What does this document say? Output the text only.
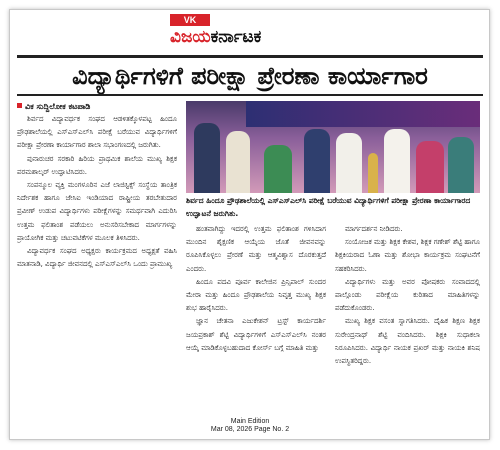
VK
ವಿಜಯಕರ್ನಾಟಕ
ವಿದ್ಯಾರ್ಥಿಗಳಿಗೆ ಪರೀಕ್ಷಾ ಪ್ರೇರಣಾ ಕಾರ್ಯಾಗಾರ
ವಿಕ ಸುದ್ದಿಲೋಕ ಕಟಪಾಡಿ

ಶಿರ್ವದ ವಿದ್ಯಾವರ್ಧಕ ಸಂಘದ ಆಡಳಿತಕ್ಕೊಳಪಟ್ಟ ಹಿಂದೂ ಪ್ರೌಢಶಾಲೆಯಲ್ಲಿ ಎಸ್‌ಎಸ್‌ಎಲ್‌ಸಿ ಪರೀಕ್ಷೆ ಬರೆಯುವ ವಿದ್ಯಾರ್ಥಿಗಳಿಗೆ ಪರೀಕ್ಷಾ ಪ್ರೇರಣಾ ಕಾರ್ಯಾಗಾರ ಶಾಲಾ ಸಭಾಂಗಣದಲ್ಲಿ ಜರುಗಿತು.

ಪುನಾರುಚರ ಸರಕಾರಿ ಹಿರಿಯ ಪ್ರಾಥಮಿಕ ಶಾಲೆಯ ಮುಖ್ಯ ಶಿಕ್ಷಕ ಪರಮಶಾಲ್ಕರ್ ಉದ್ಘಾಟಿಸಿದರು.

ಸಂಪನ್ಮೂಲ ವ್ಯಕ್ತಿ ಮಂಗಳೂರಿನ ಎಜೆ ಲಾಜಿಸ್ಟಿಕ್ಸ್ ಸಂಸ್ಥೆಯ ತಾಂತ್ರಿಕ ನಿರ್ದೇಶಕ ಹಾಗೂ ಜೇಸಿಐ ಇಂಡಿಯಾದ ರಾಷ್ಟ್ರೀಯ ತರಬೇತುದಾರ ಪ್ರವೀಣ್ ಉಡುಪ ವಿದ್ಯಾರ್ಥಿಗಳು ಪರೀಕ್ಷೆಗಳನ್ನು ಸಮರ್ಥವಾಗಿ ಎದುರಿಸಿ ಉತ್ತಮ ಫಲಿತಾಂಶ ಪಡೆಯಲು ಅನುಸರಿಸಬೇಕಾದ ಮಾರ್ಗಗಳನ್ನು ಪ್ರಾಯೋಗಿಕ ಮತ್ತು ಚಟುವಟಿಕೆಗಳ ಮೂಲಕ ತಿಳಿಸಿದರು.

ವಿದ್ಯಾವರ್ಧಕ ಸಂಘದ ಅಧ್ಯಕ್ಷರು ಕಾರ್ಯಕ್ರಮದ ಅಧ್ಯಕ್ಷತೆ ವಹಿಸಿ ಮಾತನಾಡಿ, ವಿದ್ಯಾರ್ಥಿ ಜೀವನದಲ್ಲಿ ಎಸ್‌ಎಸ್‌ಎಲ್‌ಸಿ ಒಂದು ಪ್ರಾಮುಖ್ಯ

ಶಿರ್ವದ ಹಿಂದೂ ಪ್ರೌಢಶಾಲೆಯಲ್ಲಿ ಎಸ್‌ಎಸ್‌ಎಲ್‌ಸಿ ಪರೀಕ್ಷೆ ಬರೆಯುವ ವಿದ್ಯಾರ್ಥಿಗಳಿಗೆ ಪರೀಕ್ಷಾ ಪ್ರೇರಣಾ ಕಾರ್ಯಾಗಾರದ ಉದ್ಘಾಟನೆ ಜರುಗಿತು.

ಹಂತವಾಗಿದ್ದು ಇದರಲ್ಲಿ ಉತ್ತಮ ಫಲಿತಾಂಶ ಗಳಿಸಿದಾಗ ಮುಂದಿನ ಶೈಕ್ಷಣಿಕ ಆಯ್ಕೆಯ ಜೊತೆ ಜೀವನವನ್ನು ರೂಪಿಸಿಕೊಳ್ಳಲು ಪ್ರೇರಣೆ ಮತ್ತು ಆತ್ಮವಿಶ್ವಾಸ ದೊರಕುತ್ತದೆ ಎಂದರು.

ಹಿಂದೂ ಪದವಿ ಪೂರ್ವ ಕಾಲೇಜಿನ ಪ್ರಿನ್ಸಿಪಾಲ್ ಸುಂದರ ಮೇರಾ ಮತ್ತು ಹಿಂದೂ ಪ್ರೌಢಶಾಲೆಯ ನಿವೃತ್ತ ಮುಖ್ಯ ಶಿಕ್ಷಕ ಶುಭ ಹಾರೈಸಿದರು.

ಜ್ಞಾನ ಚೇತನಾ ಎಜುಕೇಶನ್ ಟ್ರಸ್ಟ್ ಕಾರ್ಯದರ್ಶಿ ಜಯಪ್ರಕಾಶ್ ಶೆಟ್ಟಿ ವಿದ್ಯಾರ್ಥಿಗಳಿಗೆ ಎಸ್‌ಎಸ್‌ಎಲ್‌ಸಿ ನಂತರ ಆಯ್ಕೆ ಮಾಡಿಕೊಳ್ಳಬಹುದಾದ ಕೋರ್ಸ್ ಬಗ್ಗೆ ಮಾಹಿತಿ ಮತ್ತು

ಮಾರ್ಗದರ್ಶನ ನೀಡಿದರು.

ಸಂಯೋಜಕ ಮತ್ತು ಶಿಕ್ಷಕ ಕೇಶವ, ಶಿಕ್ಷಕ ಗಣೇಶ್ ಶೆಟ್ಟಿ ಹಾಗೂ ಶಿಕ್ಷಕಿಯರಾದ ಓಣಾ ಮತ್ತು ಶೋಭಾ ಕಾರ್ಯಕ್ರಮ ಸಂಘಟನೆಗೆ ಸಹಕರಿಸಿದರು.

ವಿದ್ಯಾರ್ಥಿಗಳು ಮತ್ತು ಅವರ ಪೋಷಕರು ಸಂವಾದದಲ್ಲಿ ಪಾಲ್ಗೊಂಡು ಪರೀಕ್ಷೆಯ ಕುರಿತಾದ ಮಾಹಿತಿಗಳನ್ನು ಪಡೆದುಕೊಂಡರು.

ಮುಖ್ಯ ಶಿಕ್ಷಕ ವಸಂತ ಸ್ವಾಗತಿಸಿದರು. ದೈಹಿಕ ಶಿಕ್ಷಣ ಶಿಕ್ಷಕ ಸುರೇಂದ್ರನಾಥ್ ಶೆಟ್ಟಿ ವಂದಿಸಿದರು. ಶಿಕ್ಷಕಿ ಸುಧಾಕಲಾ ನಿರೂಪಿಸಿದರು. ವಿದ್ಯಾರ್ಥಿ ನಾಯಕ ಪ್ರಖರ್ ಮತ್ತು ನಾಯಕಿ ಶನಿಷ ಉಪಸ್ಥಿತರಿದ್ದರು.

Main Edition
Mar 08, 2026 Page No. 2
